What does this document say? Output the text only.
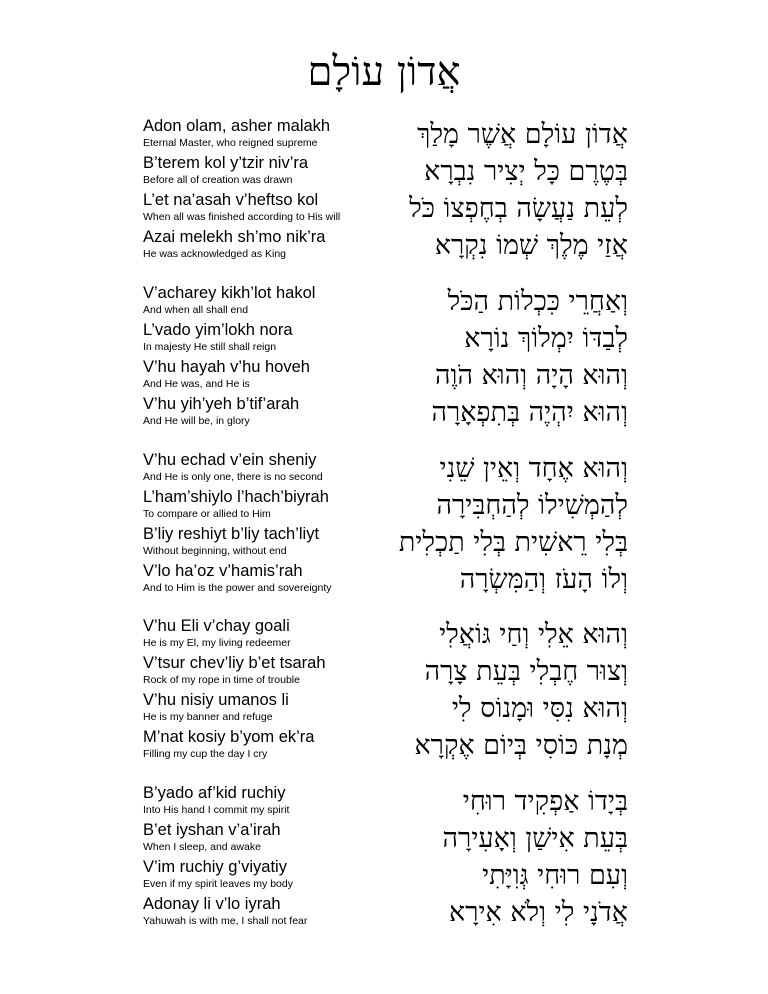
אֲדוֹן עוֹלָם
Adon olam, asher malakh
Eternal Master, who reigned supreme	אֲדוֹן עוֹלָם אֲשֶׁר מָלַךְ
B’terem kol y’tzir niv’ra
Before all of creation was drawn	בְּטֶרֶם כָּל יְצִיר נִבְרָא
L’et na’asah v’heftso kol
When all was finished according to His will	לְעֵת נַעֲשָׂה בְחֶפְצוֹ כֹּל
Azai melekh sh’mo nik’ra
He was acknowledged as King	אֲזַי מֶלֶךְ שְׁמוֹ נִקְרָא
V’acharey kikh’lot hakol
And when all shall end	וְאַחֲרֵי כִּכְלוֹת הַכֹּל
L’vado yim’lokh nora
In majesty He still shall reign	לְבַדּוֹ יִמְלוֹךְ נוֹרָא
V’hu hayah v’hu hoveh
And He was, and He is	וְהוּא הָיָה וְהוּא הֹוֶה
V’hu yih’yeh b’tif’arah
And He will be, in glory	וְהוּא יִהְיֶה בְּתִפְאָרָה
V’hu echad v’ein sheniy
And He is only one, there is no second	וְהוּא אֶחָד וְאֵין שֵׁנִי
L’ham’shiylo l’hach’biyrah
To compare or allied to Him	לְהַמְשִׁילוֹ לְהַחְבִּירָה
B’liy reshiyt b’liy tach’liyt
Without beginning, without end	בְּלִי רֵאשִׁית בְּלִי תַכְלִית
V’lo ha’oz v’hamis’rah
And to Him is the power and sovereignty	וְלוֹ הָעֹז וְהַמִּשְׂרָה
V’hu Eli v’chay goali
He is my El, my living redeemer	וְהוּא אֵלִי וְחַי גּוֹאֲלִי
V’tsur chev’liy b’et tsarah
Rock of my rope in time of trouble	וְצוּר חֶבְלִי בְּעֵת צָרָה
V’hu nisiy umanos li
He is my banner and refuge	וְהוּא נִסִּי וּמָנוֹס לִי
M’nat kosiy b’yom ek’ra
Filling my cup the day I cry	מְנָת כּוֹסִי בְּיוֹם אֶקְרָא
B’yado af’kid ruchiy
Into His hand I commit my spirit	בְּיָדוֹ אַפְקִיד רוּחִי
B’et iyshan v’a’irah
When I sleep, and awake	בְּעֵת אִישַׁן וְאָעִירָה
V’im ruchiy g’viyatiy
Even if my spirit leaves my body	וְעִם רוּחִי גְּוִיָּתִי
Adonay li v’lo iyrah
Yahuwah is with me, I shall not fear	אֲדֹנָי לִי וְלֹא אִירָא
